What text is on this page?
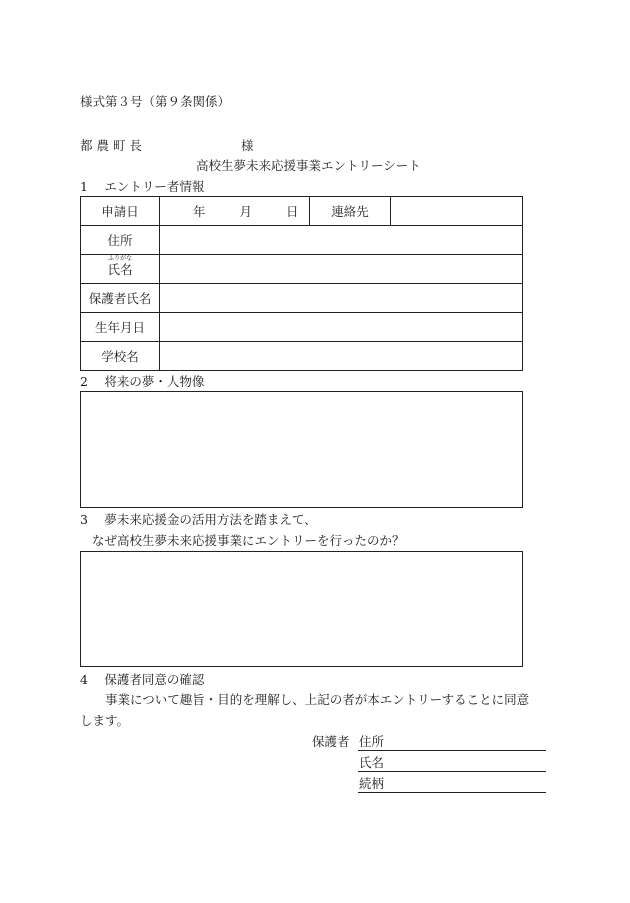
様式第３号（第９条関係）
都 農 町 長	様
高校生夢未来応援事業エントリーシート
1　 エントリー者情報
申請日	年 月 日	連絡先	
住所			

ふりがな
氏名			
保護者氏名			
生年月日			
学校名			
2　 将来の夢・人物像
3　 夢未来応援金の活用方法を踏まえて、
なぜ高校生夢未来応援事業にエントリーを行ったのか？
4　 保護者同意の確認
事業について趣旨・目的を理解し、上記の者が本エントリーすることに同意
します。
保護者 住所
氏名
続柄
